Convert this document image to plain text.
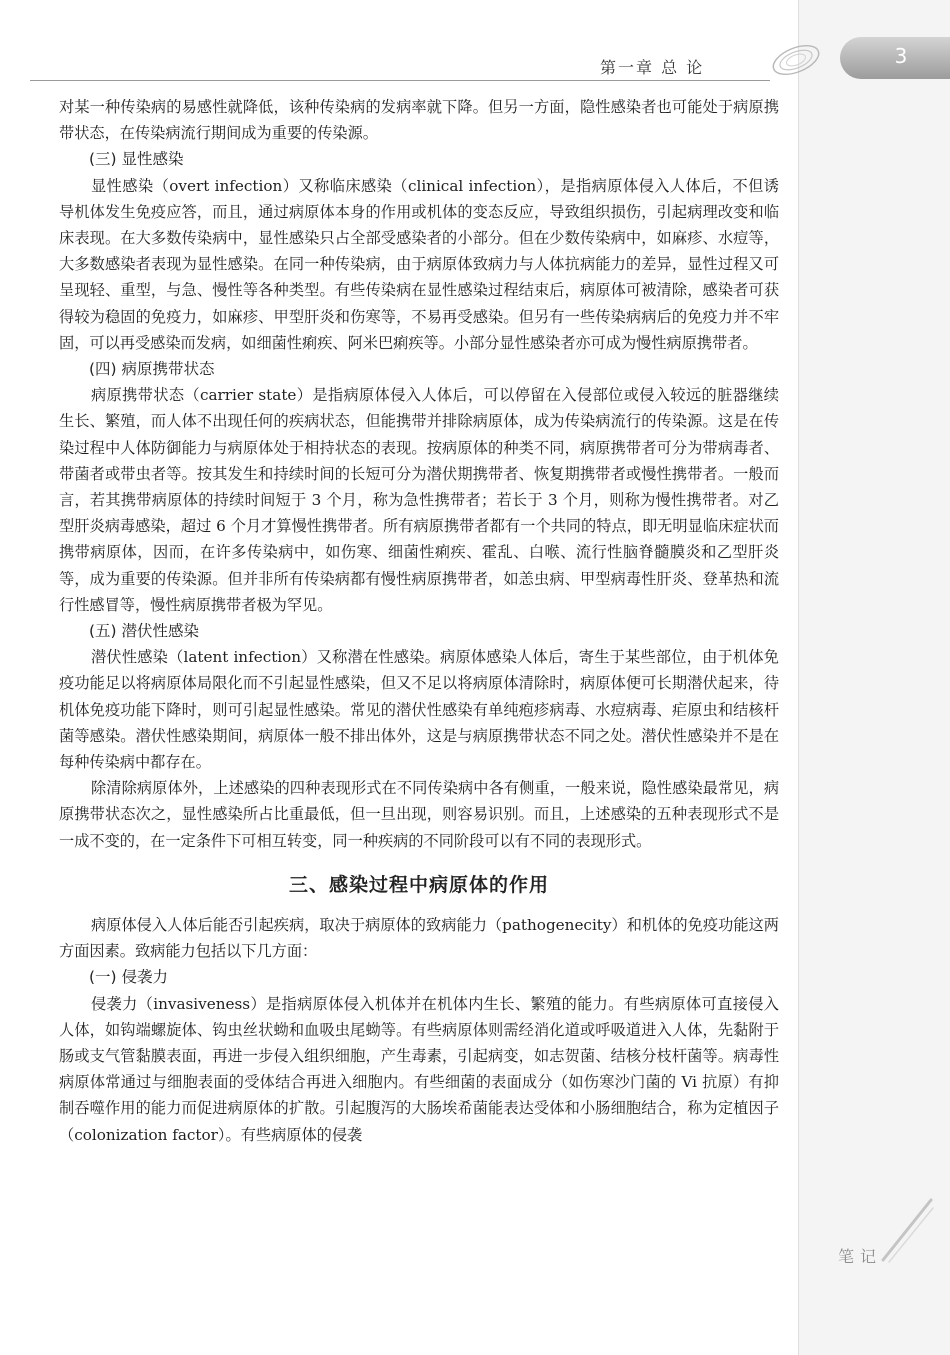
3
第一章 总 论

对某一种传染病的易感性就降低，该种传染病的发病率就下降。但另一方面，隐性感染者也可能处于病原携带状态，在传染病流行期间成为重要的传染源。

(三) 显性感染

显性感染（overt infection）又称临床感染（clinical infection），是指病原体侵入人体后，不但诱导机体发生免疫应答，而且，通过病原体本身的作用或机体的变态反应，导致组织损伤，引起病理改变和临床表现。在大多数传染病中，显性感染只占全部受感染者的小部分。但在少数传染病中，如麻疹、水痘等，大多数感染者表现为显性感染。在同一种传染病，由于病原体致病力与人体抗病能力的差异，显性过程又可呈现轻、重型，与急、慢性等各种类型。有些传染病在显性感染过程结束后，病原体可被清除，感染者可获得较为稳固的免疫力，如麻疹、甲型肝炎和伤寒等，不易再受感染。但另有一些传染病病后的免疫力并不牢固，可以再受感染而发病，如细菌性痢疾、阿米巴痢疾等。小部分显性感染者亦可成为慢性病原携带者。

(四) 病原携带状态

病原携带状态（carrier state）是指病原体侵入人体后，可以停留在入侵部位或侵入较远的脏器继续生长、繁殖，而人体不出现任何的疾病状态，但能携带并排除病原体，成为传染病流行的传染源。这是在传染过程中人体防御能力与病原体处于相持状态的表现。按病原体的种类不同，病原携带者可分为带病毒者、带菌者或带虫者等。按其发生和持续时间的长短可分为潜伏期携带者、恢复期携带者或慢性携带者。一般而言，若其携带病原体的持续时间短于 3 个月，称为急性携带者；若长于 3 个月，则称为慢性携带者。对乙型肝炎病毒感染，超过 6 个月才算慢性携带者。所有病原携带者都有一个共同的特点，即无明显临床症状而携带病原体，因而，在许多传染病中，如伤寒、细菌性痢疾、霍乱、白喉、流行性脑脊髓膜炎和乙型肝炎等，成为重要的传染源。但并非所有传染病都有慢性病原携带者，如恙虫病、甲型病毒性肝炎、登革热和流行性感冒等，慢性病原携带者极为罕见。

(五) 潜伏性感染

潜伏性感染（latent infection）又称潜在性感染。病原体感染人体后，寄生于某些部位，由于机体免疫功能足以将病原体局限化而不引起显性感染，但又不足以将病原体清除时，病原体便可长期潜伏起来，待机体免疫功能下降时，则可引起显性感染。常见的潜伏性感染有单纯疱疹病毒、水痘病毒、疟原虫和结核杆菌等感染。潜伏性感染期间，病原体一般不排出体外，这是与病原携带状态不同之处。潜伏性感染并不是在每种传染病中都存在。

除清除病原体外，上述感染的四种表现形式在不同传染病中各有侧重，一般来说，隐性感染最常见，病原携带状态次之，显性感染所占比重最低，但一旦出现，则容易识别。而且，上述感染的五种表现形式不是一成不变的，在一定条件下可相互转变，同一种疾病的不同阶段可以有不同的表现形式。

三、感染过程中病原体的作用

病原体侵入人体后能否引起疾病，取决于病原体的致病能力（pathogenecity）和机体的免疫功能这两方面因素。致病能力包括以下几方面：

(一) 侵袭力

侵袭力（invasiveness）是指病原体侵入机体并在机体内生长、繁殖的能力。有些病原体可直接侵入人体，如钩端螺旋体、钩虫丝状蚴和血吸虫尾蚴等。有些病原体则需经消化道或呼吸道进入人体，先黏附于肠或支气管黏膜表面，再进一步侵入组织细胞，产生毒素，引起病变，如志贺菌、结核分枝杆菌等。病毒性病原体常通过与细胞表面的受体结合再进入细胞内。有些细菌的表面成分（如伤寒沙门菌的 Vi 抗原）有抑制吞噬作用的能力而促进病原体的扩散。引起腹泻的大肠埃希菌能表达受体和小肠细胞结合，称为定植因子（colonization factor）。有些病原体的侵袭

笔记
